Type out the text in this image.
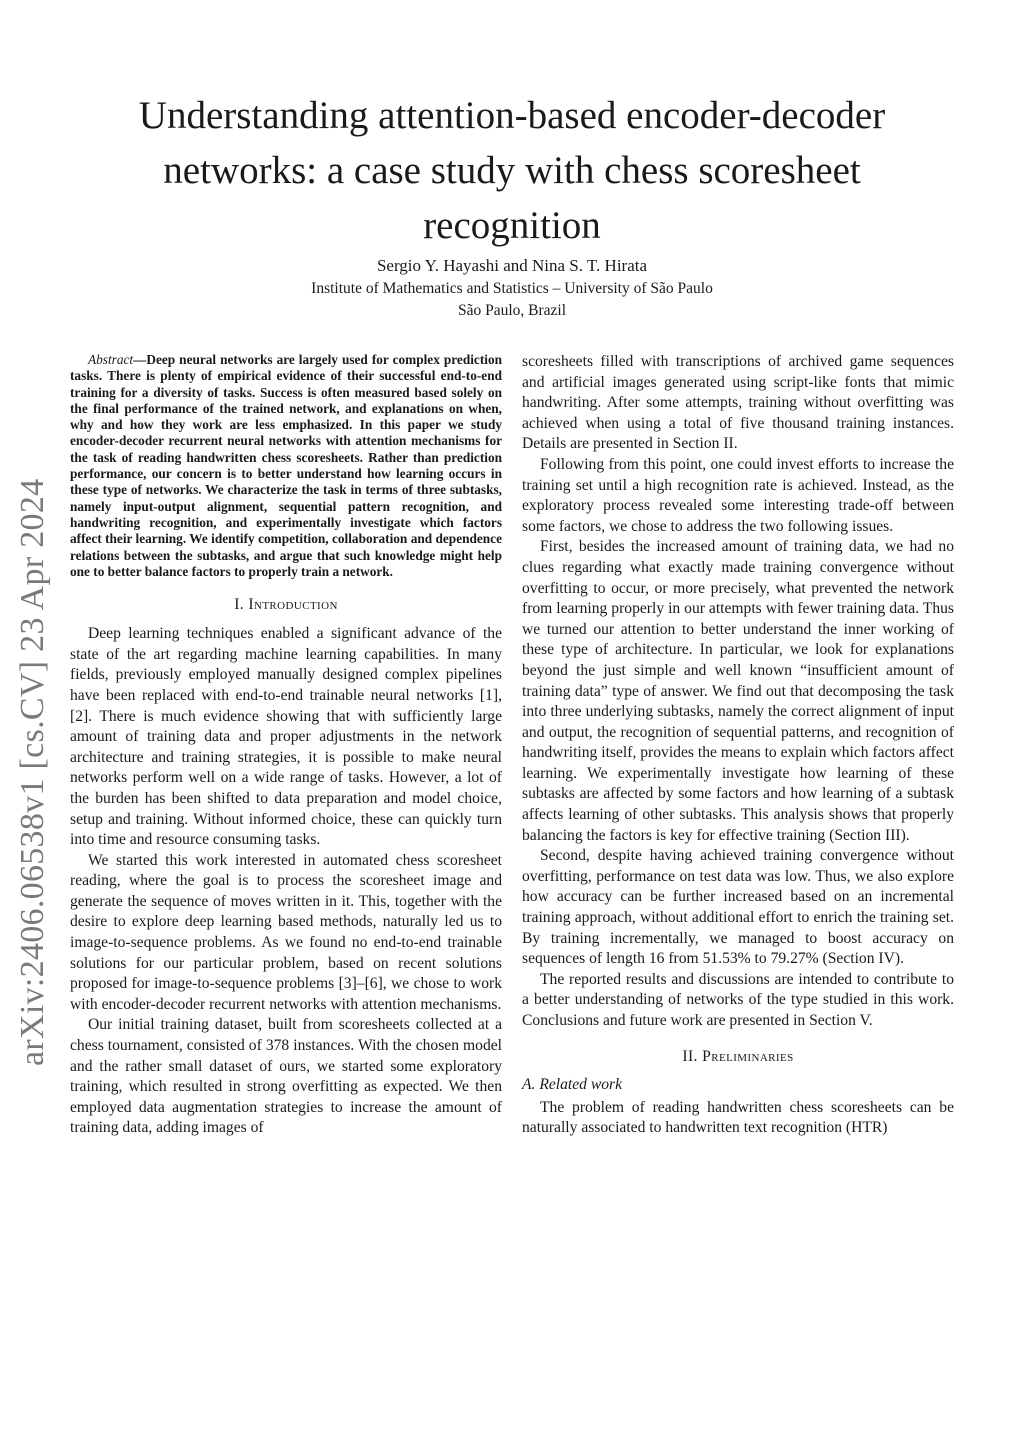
Understanding attention-based encoder-decoder networks: a case study with chess scoresheet recognition
Sergio Y. Hayashi and Nina S. T. Hirata
Institute of Mathematics and Statistics – University of São Paulo
São Paulo, Brazil
arXiv:2406.06538v1 [cs.CV] 23 Apr 2024

Abstract—Deep neural networks are largely used for complex prediction tasks. There is plenty of empirical evidence of their successful end-to-end training for a diversity of tasks. Success is often measured based solely on the final performance of the trained network, and explanations on when, why and how they work are less emphasized. In this paper we study encoder-decoder recurrent neural networks with attention mechanisms for the task of reading handwritten chess scoresheets. Rather than prediction performance, our concern is to better understand how learning occurs in these type of networks. We characterize the task in terms of three subtasks, namely input-output alignment, sequential pattern recognition, and handwriting recognition, and experimentally investigate which factors affect their learning. We identify competition, collaboration and dependence relations between the subtasks, and argue that such knowledge might help one to better balance factors to properly train a network.

I. Introduction

Deep learning techniques enabled a significant advance of the state of the art regarding machine learning capabilities. In many fields, previously employed manually designed complex pipelines have been replaced with end-to-end trainable neural networks [1], [2]. There is much evidence showing that with sufficiently large amount of training data and proper adjustments in the network architecture and training strategies, it is possible to make neural networks perform well on a wide range of tasks. However, a lot of the burden has been shifted to data preparation and model choice, setup and training. Without informed choice, these can quickly turn into time and resource consuming tasks.

We started this work interested in automated chess scoresheet reading, where the goal is to process the scoresheet image and generate the sequence of moves written in it. This, together with the desire to explore deep learning based methods, naturally led us to image-to-sequence problems. As we found no end-to-end trainable solutions for our particular problem, based on recent solutions proposed for image-to-sequence problems [3]–[6], we chose to work with encoder-decoder recurrent networks with attention mechanisms.

Our initial training dataset, built from scoresheets collected at a chess tournament, consisted of 378 instances. With the chosen model and the rather small dataset of ours, we started some exploratory training, which resulted in strong overfitting as expected. We then employed data augmentation strategies to increase the amount of training data, adding images of

scoresheets filled with transcriptions of archived game sequences and artificial images generated using script-like fonts that mimic handwriting. After some attempts, training without overfitting was achieved when using a total of five thousand training instances. Details are presented in Section II.

Following from this point, one could invest efforts to increase the training set until a high recognition rate is achieved. Instead, as the exploratory process revealed some interesting trade-off between some factors, we chose to address the two following issues.

First, besides the increased amount of training data, we had no clues regarding what exactly made training convergence without overfitting to occur, or more precisely, what prevented the network from learning properly in our attempts with fewer training data. Thus we turned our attention to better understand the inner working of these type of architecture. In particular, we look for explanations beyond the just simple and well known “insufficient amount of training data” type of answer. We find out that decomposing the task into three underlying subtasks, namely the correct alignment of input and output, the recognition of sequential patterns, and recognition of handwriting itself, provides the means to explain which factors affect learning. We experimentally investigate how learning of these subtasks are affected by some factors and how learning of a subtask affects learning of other subtasks. This analysis shows that properly balancing the factors is key for effective training (Section III).

Second, despite having achieved training convergence without overfitting, performance on test data was low. Thus, we also explore how accuracy can be further increased based on an incremental training approach, without additional effort to enrich the training set. By training incrementally, we managed to boost accuracy on sequences of length 16 from 51.53% to 79.27% (Section IV).

The reported results and discussions are intended to contribute to a better understanding of networks of the type studied in this work. Conclusions and future work are presented in Section V.

II. Preliminaries
A. Related work

The problem of reading handwritten chess scoresheets can be naturally associated to handwritten text recognition (HTR)
